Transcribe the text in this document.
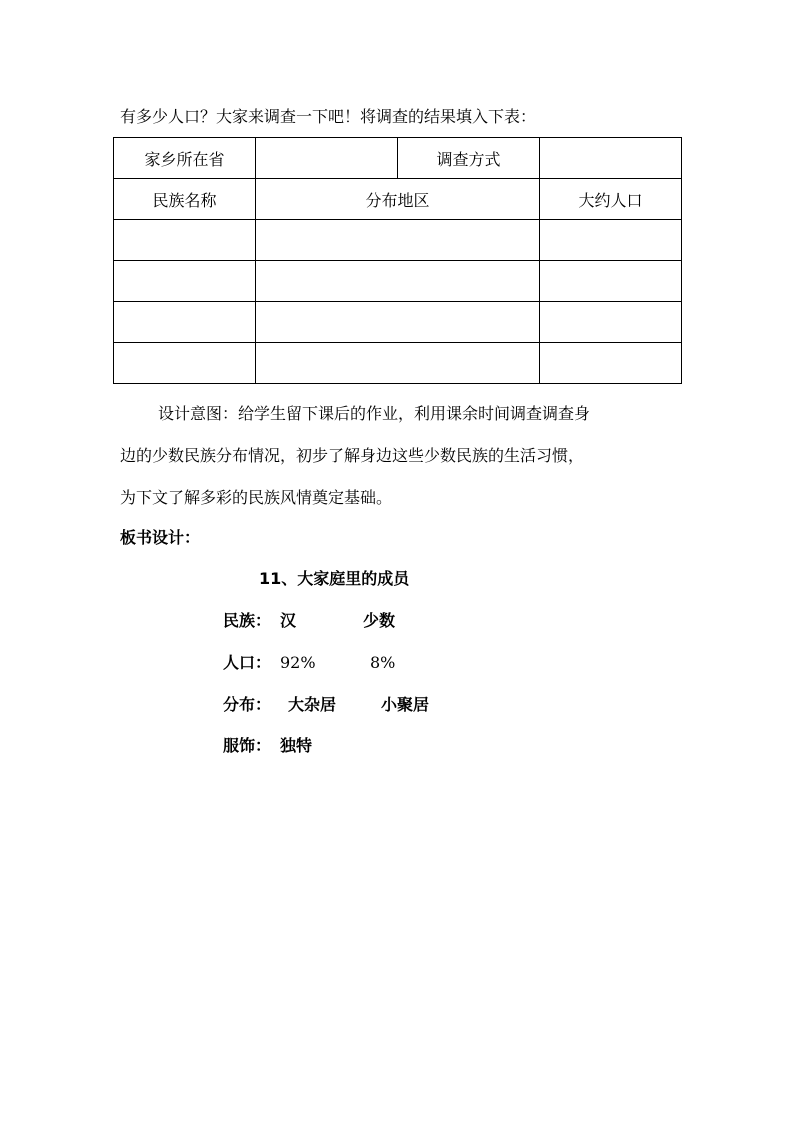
有多少人口？大家来调查一下吧！将调查的结果填入下表：
家乡所在省		调查方式	
民族名称	分布地区		大约人口

设计意图：给学生留下课后的作业，利用课余时间调查调查身

边的少数民族分布情况，初步了解身边这些少数民族的生活习惯，

为下文了解多彩的民族风情奠定基础。

板书设计：
11、大家庭里的成员
民族： 汉	少数
人口： 92%	8%
分布： 大杂居	小聚居
服饰： 独特
